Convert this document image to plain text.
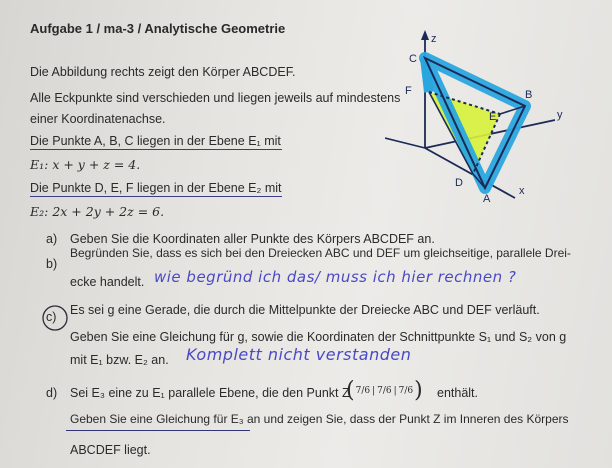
Aufgabe 1 / ma-3 / Analytische Geometrie
Die Abbildung rechts zeigt den Körper ABCDEF.
Alle Eckpunkte sind verschieden und liegen jeweils auf mindestens
einer Koordinatenachse.
Die Punkte A, B, C liegen in der Ebene E₁ mit
E₁: x + y + z = 4.
Die Punkte D, E, F liegen in der Ebene E₂ mit
E₂: 2x + 2y + 2z = 6.
z
C
F
E
B
y
D
A
x
a) Geben Sie die Koordinaten aller Punkte des Körpers ABCDEF an.
b)
Begründen Sie, dass es sich bei den Dreiecken ABC und DEF um gleichseitige, parallele Drei-
ecke handelt. wie begründ ich das/ muss ich hier rechnen ?
c) Es sei g eine Gerade, die durch die Mittelpunkte der Dreiecke ABC und DEF verläuft.
Geben Sie eine Gleichung für g, sowie die Koordinaten der Schnittpunkte S₁ und S₂ von g
mit E₁ bzw. E₂ an. Komplett nicht verstanden
d) Sei E₃ eine zu E₁ parallele Ebene, die den Punkt Z
( 7/6 | 7/6 | 7/6 ) enthält.
Geben Sie eine Gleichung für E₃ an und zeigen Sie, dass der Punkt Z im Inneren des Körpers
ABCDEF liegt.
